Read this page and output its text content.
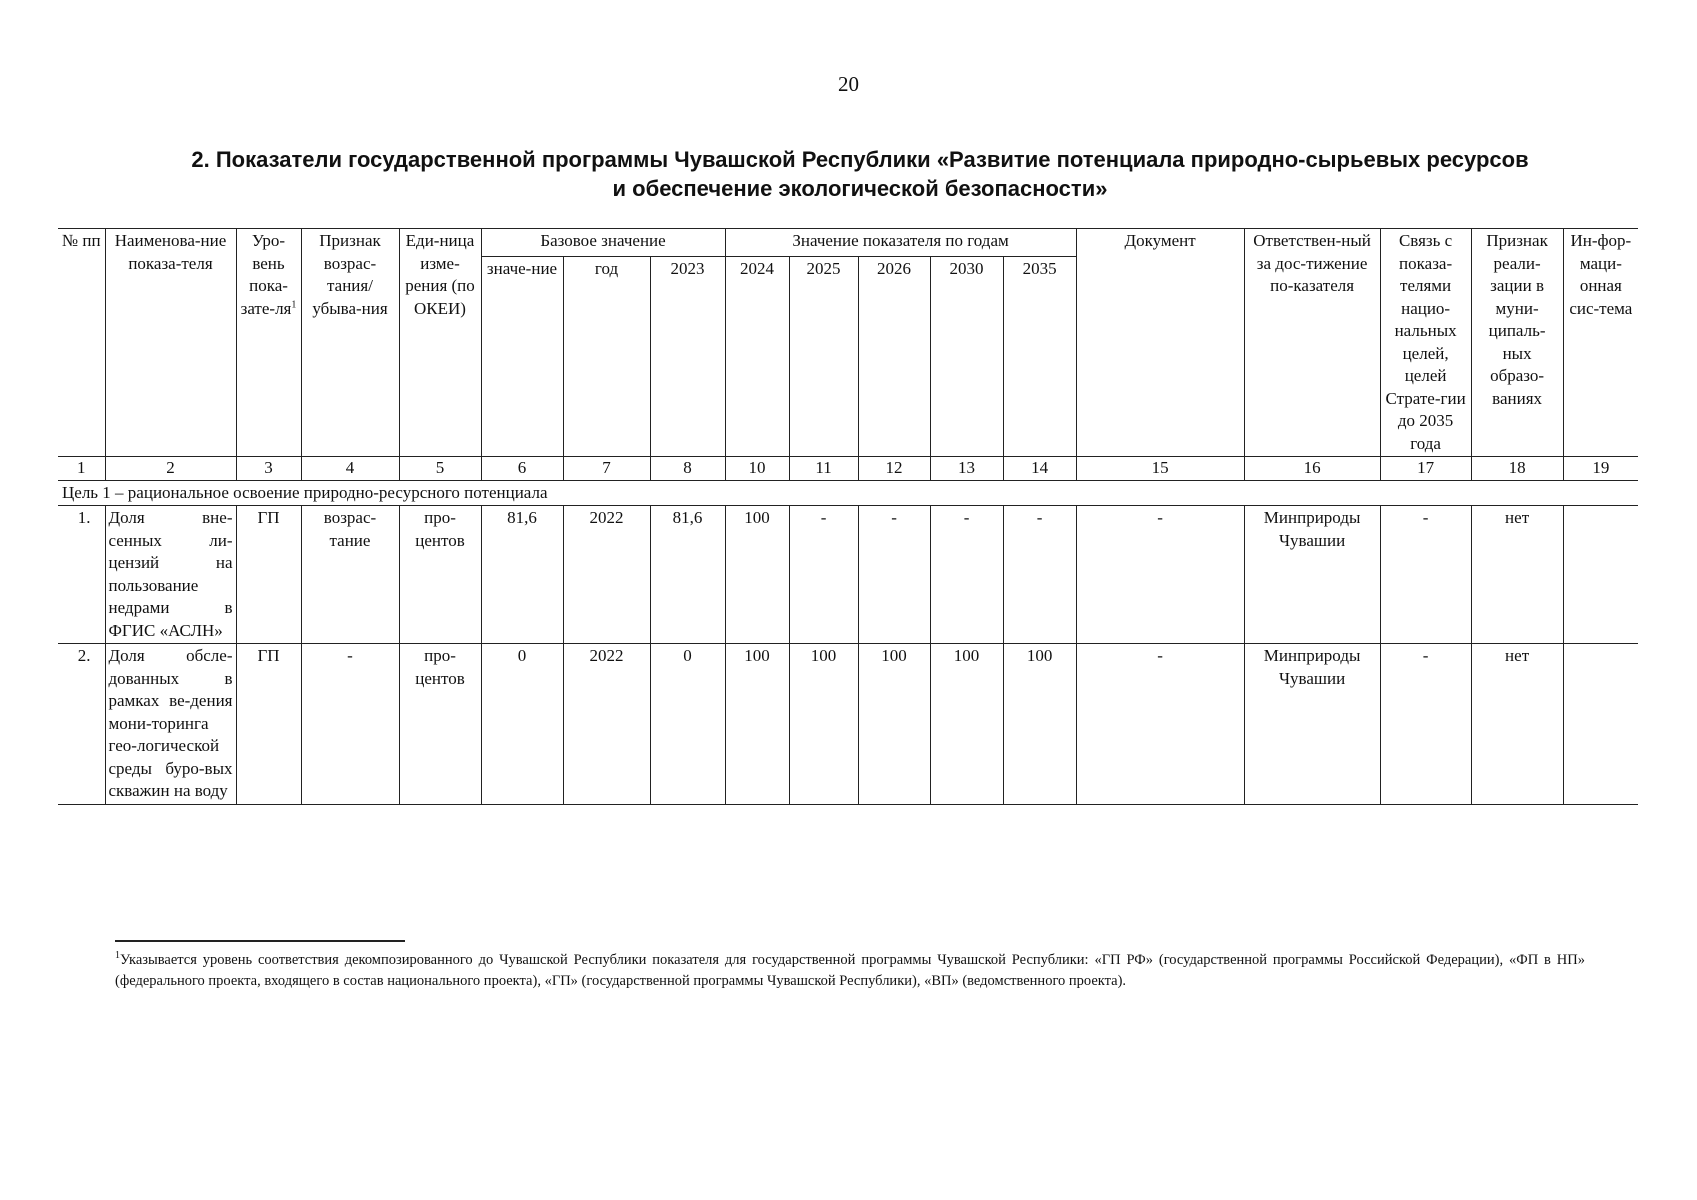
20
2. Показатели государственной программы Чувашской Республики «Развитие потенциала природно-сырьевых ресурсов
и обеспечение экологической безопасности»
№ пп	Наименова-ние показа-теля	Уро-вень пока-$зате-ля^1$	Признак возрас-тания/ убыва-ния	Еди-ница изме-рения (по ОКЕИ)	Базовое значение			Значение показателя по годам					Документ	Ответствен-ный за дос-тижение по-казателя	Связь с показа-телями нацио-нальных целей, целей Страте-гии до 2035 года	Признак реали-зации в муни-ципаль-ных образо-ваниях	Ин-фор-маци-онная сис-тема
					значе-ние	год	2023	2024	2025	2026	2030	2035					
1	2	3	4	5	6	7	8	10	11	12	13	14	15	16	17	18	19
Цель 1 – рациональное освоение природно-ресурсного потенциала																	
1.	Доля вне-сенных ли-цензий на пользование недрами в ФГИС «АСЛН»	ГП	возрас-тание	про-центов	81,6	2022	81,6	100	-	-	-	-	-	Минприроды Чувашии	-	нет	
2.	Доля обсле-дованных в рамках ве-дения мони-торинга гео-логической среды буро-вых скважин на воду	ГП	-	про-центов	0	2022	0	100	100	100	100	100	-	Минприроды Чувашии	-	нет	
$^1$Указывается уровень соответствия декомпозированного до Чувашской Республики показателя для государственной программы Чувашской Республики: «ГП РФ» (государственной программы Российской Федерации), «ФП в НП» (федерального проекта, входящего в состав национального проекта), «ГП» (государственной программы Чувашской Республики), «ВП» (ведомственного проекта).
